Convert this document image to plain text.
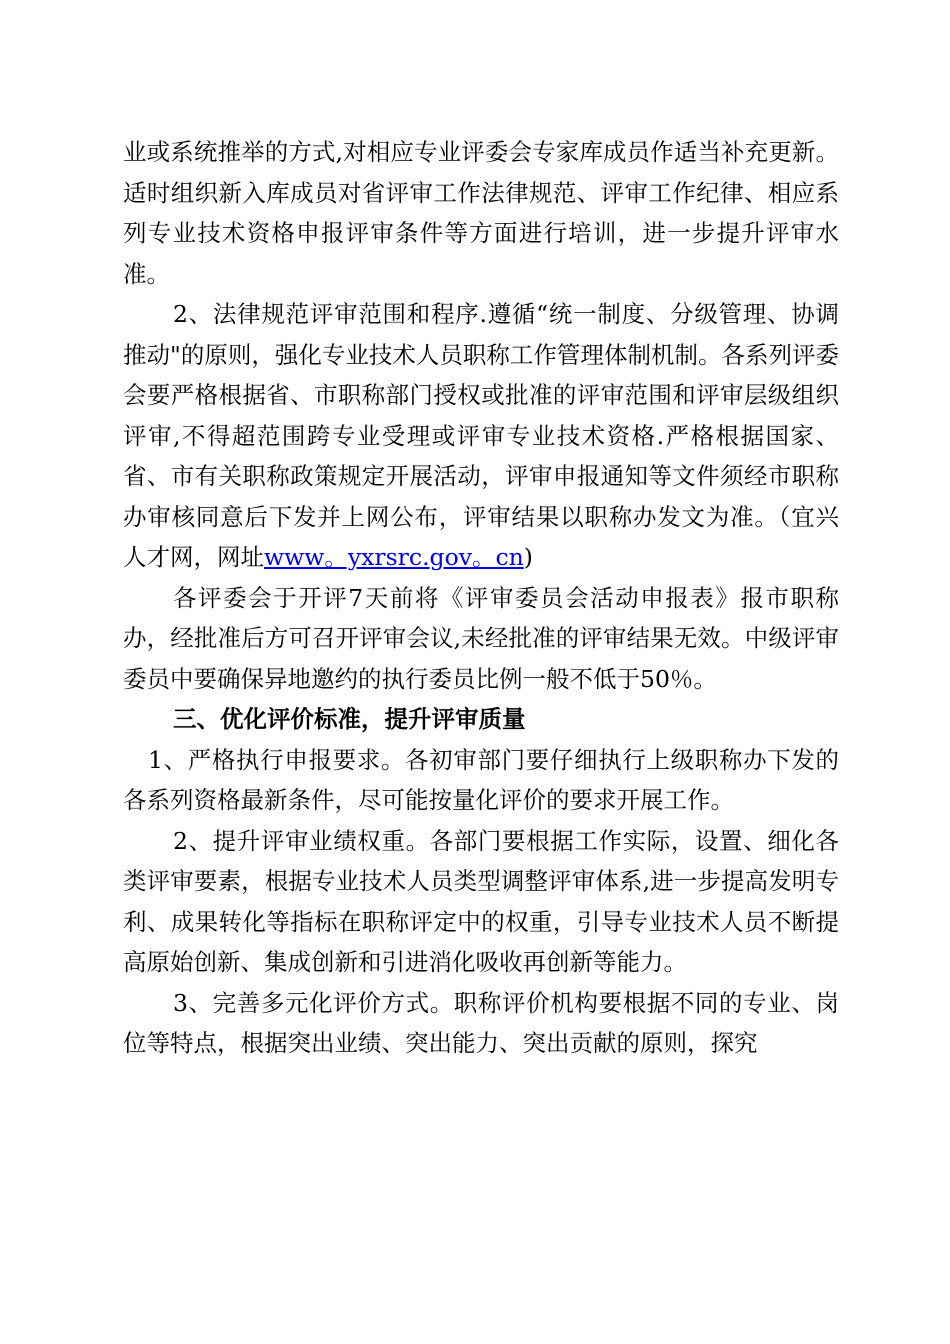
业或系统推举的方式,对相应专业评委会专家库成员作适当补充更新。适时组织新入库成员对省评审工作法律规范、评审工作纪律、相应系列专业技术资格申报评审条件等方面进行培训，进一步提升评审水准。

2、法律规范评审范围和程序.遵循“统一制度、分级管理、协调推动"的原则，强化专业技术人员职称工作管理体制机制。各系列评委会要严格根据省、市职称部门授权或批准的评审范围和评审层级组织评审,不得超范围跨专业受理或评审专业技术资格.严格根据国家、省、市有关职称政策规定开展活动，评审申报通知等文件须经市职称办审核同意后下发并上网公布，评审结果以职称办发文为准。（宜兴人才网，网址www。yxrsrc.gov。cn)

各评委会于开评7天前将《评审委员会活动申报表》报市职称办，经批准后方可召开评审会议,未经批准的评审结果无效。中级评审委员中要确保异地邀约的执行委员比例一般不低于50％。

三、优化评价标准，提升评审质量

1、严格执行申报要求。各初审部门要仔细执行上级职称办下发的各系列资格最新条件，尽可能按量化评价的要求开展工作。

2、提升评审业绩权重。各部门要根据工作实际，设置、细化各类评审要素，根据专业技术人员类型调整评审体系,进一步提高发明专利、成果转化等指标在职称评定中的权重，引导专业技术人员不断提高原始创新、集成创新和引进消化吸收再创新等能力。

3、完善多元化评价方式。职称评价机构要根据不同的专业、岗位等特点，根据突出业绩、突出能力、突出贡献的原则，探究
